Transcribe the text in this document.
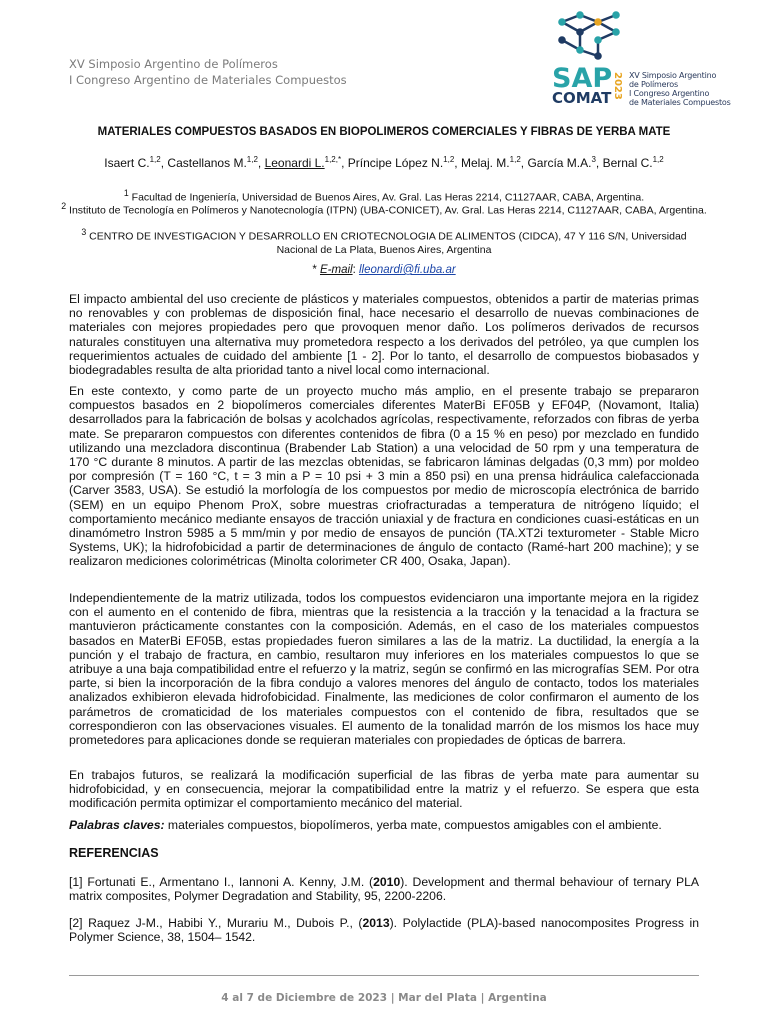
XV Simposio Argentino de Polímeros
I Congreso Argentino de Materiales Compuestos	SAP
COMAT 2023 XV Simposio Argentino
de Polímeros
I Congreso Argentino
de Materiales Compuestos
MATERIALES COMPUESTOS BASADOS EN BIOPOLIMEROS COMERCIALES Y FIBRAS DE YERBA MATE
Isaert C.$^{1,2}$, Castellanos M.$^{1,2}$, Leonardi L.$^{1,2,*}$, Príncipe López N.$^{1,2}$, Melaj. M.$^{1,2}$, García M.A.$^3$, Bernal C.$^{1,2}$
$^1$ Facultad de Ingeniería, Universidad de Buenos Aires, Av. Gral. Las Heras 2214, C1127AAR, CABA, Argentina.
$^2$ Instituto de Tecnología en Polímeros y Nanotecnología (ITPN) (UBA-CONICET), Av. Gral. Las Heras 2214, C1127AAR, CABA, Argentina.
$^3$ CENTRO DE INVESTIGACION Y DESARROLLO EN CRIOTECNOLOGIA DE ALIMENTOS (CIDCA), 47 Y 116 S/N, Universidad Nacional de La Plata, Buenos Aires, Argentina
* E-mail: lleonardi@fi.uba.ar
El impacto ambiental del uso creciente de plásticos y materiales compuestos, obtenidos a partir de materias primas no renovables y con problemas de disposición final, hace necesario el desarrollo de nuevas combinaciones de materiales con mejores propiedades pero que provoquen menor daño. Los polímeros derivados de recursos naturales constituyen una alternativa muy prometedora respecto a los derivados del petróleo, ya que cumplen los requerimientos actuales de cuidado del ambiente [1 - 2]. Por lo tanto, el desarrollo de compuestos biobasados y biodegradables resulta de alta prioridad tanto a nivel local como internacional.
En este contexto, y como parte de un proyecto mucho más amplio, en el presente trabajo se prepararon compuestos basados en 2 biopolímeros comerciales diferentes MaterBi EF05B y EF04P, (Novamont, Italia) desarrollados para la fabricación de bolsas y acolchados agrícolas, respectivamente, reforzados con fibras de yerba mate. Se prepararon compuestos con diferentes contenidos de fibra (0 a 15 % en peso) por mezclado en fundido utilizando una mezcladora discontinua (Brabender Lab Station) a una velocidad de 50 rpm y una temperatura de 170 °C durante 8 minutos. A partir de las mezclas obtenidas, se fabricaron láminas delgadas (0,3 mm) por moldeo por compresión (T = 160 °C, t = 3 min a P = 10 psi + 3 min a 850 psi) en una prensa hidráulica calefaccionada (Carver 3583, USA). Se estudió la morfología de los compuestos por medio de microscopía electrónica de barrido (SEM) en un equipo Phenom ProX, sobre muestras criofracturadas a temperatura de nitrógeno líquido; el comportamiento mecánico mediante ensayos de tracción uniaxial y de fractura en condiciones cuasi-estáticas en un dinamómetro Instron 5985 a 5 mm/min y por medio de ensayos de punción (TA.XT2i texturometer - Stable Micro Systems, UK); la hidrofobicidad a partir de determinaciones de ángulo de contacto (Ramé-hart 200 machine); y se realizaron mediciones colorimétricas (Minolta colorimeter CR 400, Osaka, Japan).
Independientemente de la matriz utilizada, todos los compuestos evidenciaron una importante mejora en la rigidez con el aumento en el contenido de fibra, mientras que la resistencia a la tracción y la tenacidad a la fractura se mantuvieron prácticamente constantes con la composición. Además, en el caso de los materiales compuestos basados en MaterBi EF05B, estas propiedades fueron similares a las de la matriz. La ductilidad, la energía a la punción y el trabajo de fractura, en cambio, resultaron muy inferiores en los materiales compuestos lo que se atribuye a una baja compatibilidad entre el refuerzo y la matriz, según se confirmó en las micrografías SEM. Por otra parte, si bien la incorporación de la fibra condujo a valores menores del ángulo de contacto, todos los materiales analizados exhibieron elevada hidrofobicidad. Finalmente, las mediciones de color confirmaron el aumento de los parámetros de cromaticidad de los materiales compuestos con el contenido de fibra, resultados que se correspondieron con las observaciones visuales. El aumento de la tonalidad marrón de los mismos los hace muy prometedores para aplicaciones donde se requieran materiales con propiedades de ópticas de barrera.
En trabajos futuros, se realizará la modificación superficial de las fibras de yerba mate para aumentar su hidrofobicidad, y en consecuencia, mejorar la compatibilidad entre la matriz y el refuerzo. Se espera que esta modificación permita optimizar el comportamiento mecánico del material.
Palabras claves: materiales compuestos, biopolímeros, yerba mate, compuestos amigables con el ambiente.
REFERENCIAS
[1] Fortunati E., Armentano I., Iannoni A. Kenny, J.M. (2010). Development and thermal behaviour of ternary PLA matrix composites, Polymer Degradation and Stability, 95, 2200-2206.
[2] Raquez J-M., Habibi Y., Murariu M., Dubois P., (2013). Polylactide (PLA)-based nanocomposites Progress in Polymer Science, 38, 1504– 1542.
4 al 7 de Diciembre de 2023 | Mar del Plata | Argentina
